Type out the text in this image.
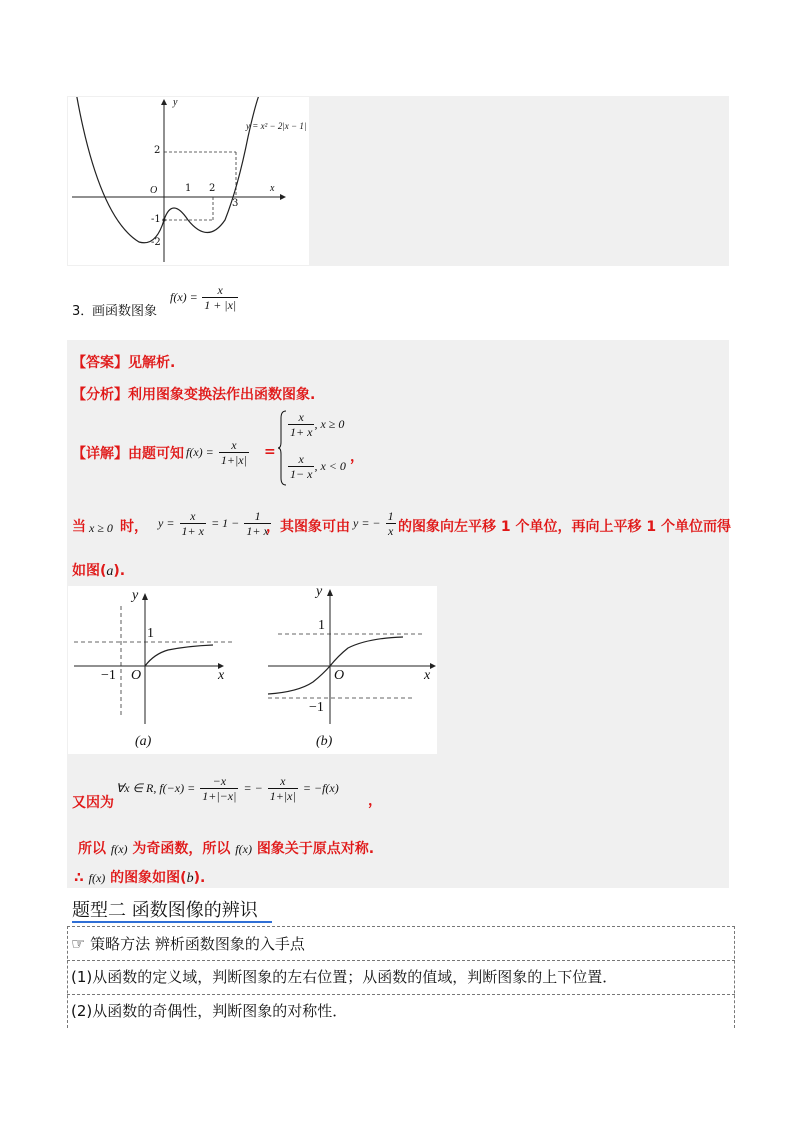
y
x
O
y = x² − 2|x − 1|
1 2
3
2
-1
-2
3．
画函数图象
$f(x) = \frac{x}{1 + |x|}$
【答案】见解析.
【分析】利用图象变换法作出函数图象.
【详解】 由题可知 $f(x) = \frac{x}{1+|x|}$ =
$\frac{x}{1+ x}$ , x ≥ 0
$\frac{x}{1- x}$ , x < 0
，
当 x ≥ 0 时， $y = \frac{x}{1+ x} = 1 - \frac{1}{1+ x}$
，其图象可由 y = − $\frac{1}{x}$ 的图象向左平移 1 个单位，再向上平移 1 个单位而得
如图(a).
y
x
O
−1
1
(a)
y
x
O
1
−1
(b)
又因为
∀x ∈ R, $f(-x) = \frac{-x}{1+|-x|}$ = − $\frac{x}{1+|x|} = -f(x)$
，
所以 f(x) 为奇函数，所以 f(x) 图象关于原点对称.
∴ f(x) 的图象如图(b).
题型二 函数图像的辨识
☞ 策略方法 辨析函数图象的入手点
(1)从函数的定义域，判断图象的左右位置；从函数的值域，判断图象的上下位置．
(2)从函数的奇偶性，判断图象的对称性．
